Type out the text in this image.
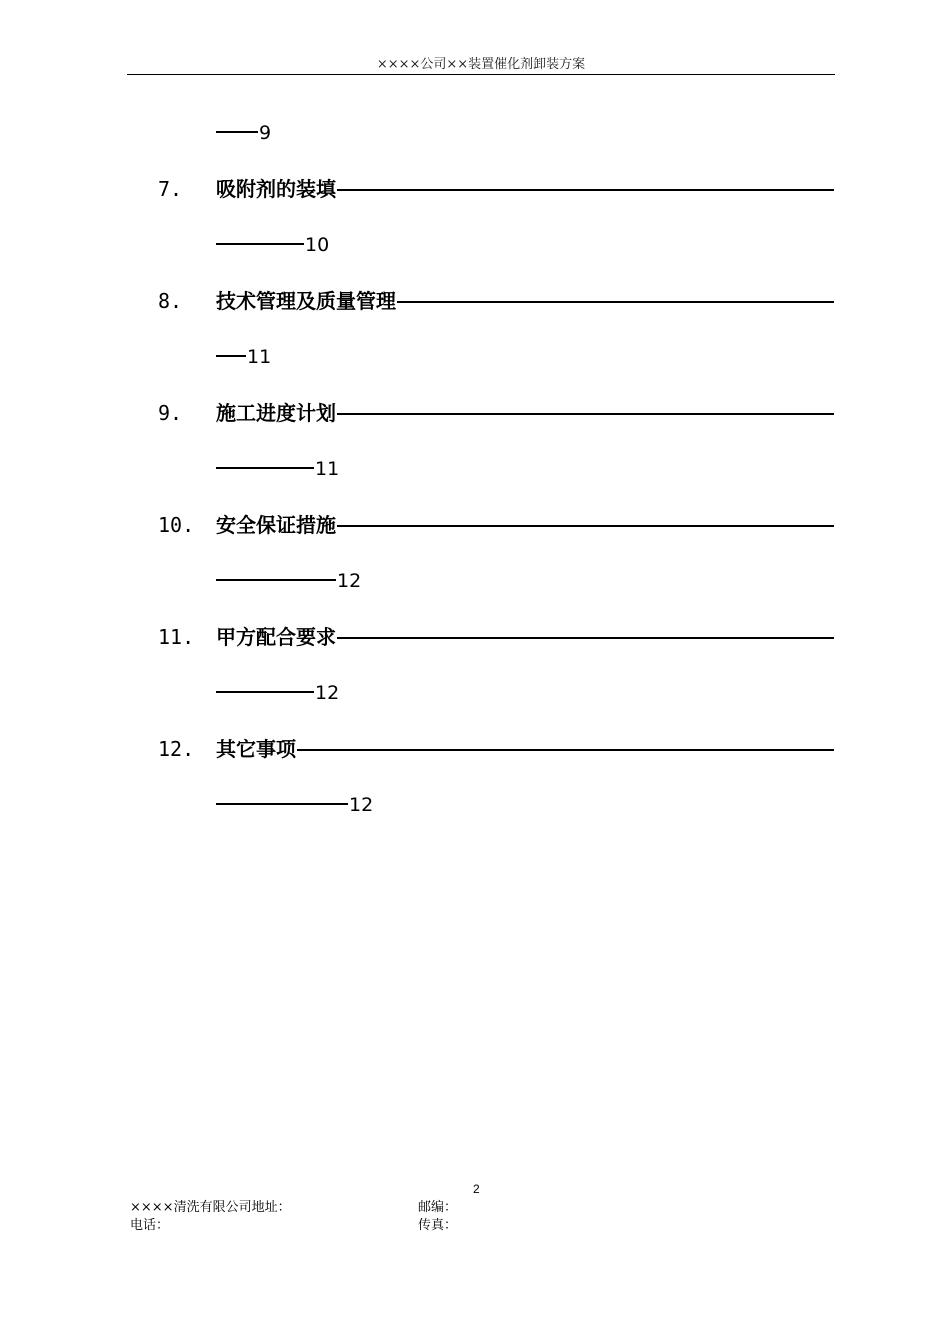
××××公司××装置催化剂卸装方案
9
7. 吸附剂的装填
10
8. 技术管理及质量管理
11
9. 施工进度计划
11
10. 安全保证措施
12
11. 甲方配合要求
12
12. 其它事项
12
2
××××清洗有限公司地址：	邮编：
电话：	传真：
